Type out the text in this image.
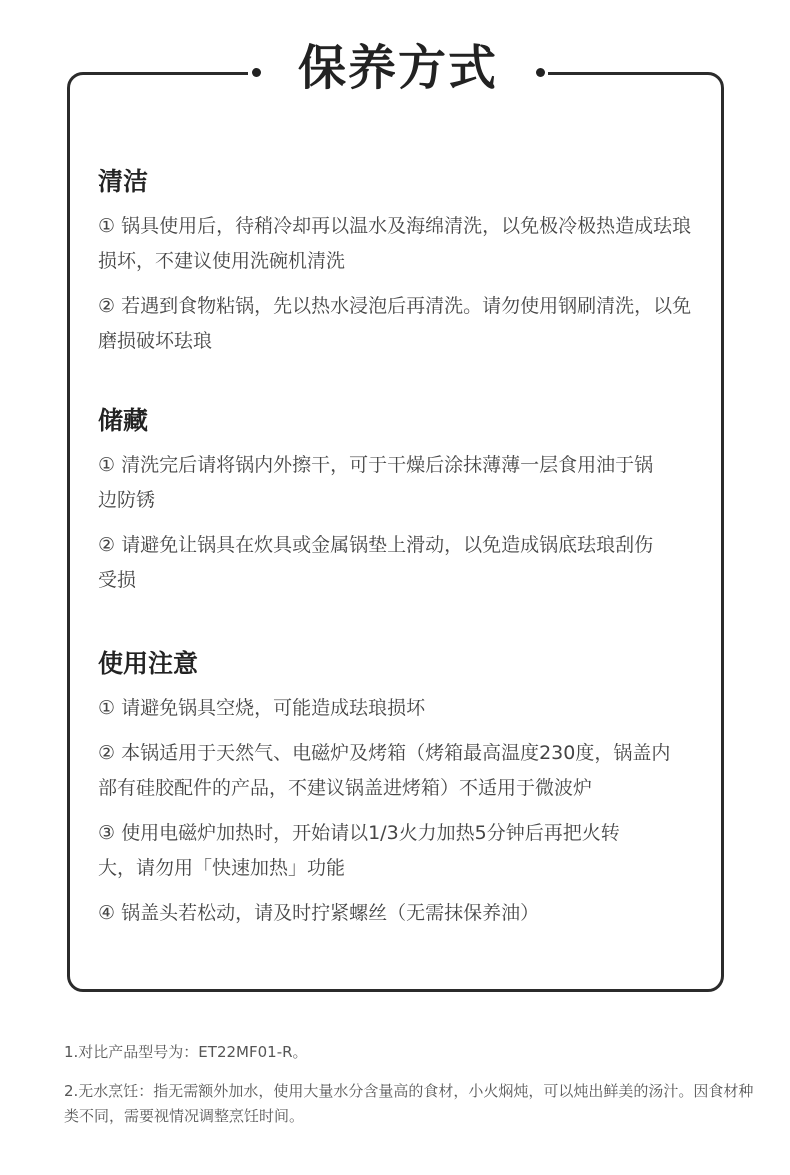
保养方式
清洁
① 锅具使用后，待稍冷却再以温水及海绵清洗，以免极冷极热造成珐琅损坏，不建议使用洗碗机清洗
② 若遇到食物粘锅，先以热水浸泡后再清洗。请勿使用钢刷清洗，以免磨损破坏珐琅
储藏
① 清洗完后请将锅内外擦干，可于干燥后涂抹薄薄一层食用油于锅边防锈
② 请避免让锅具在炊具或金属锅垫上滑动，以免造成锅底珐琅刮伤受损
使用注意
① 请避免锅具空烧，可能造成珐琅损坏
② 本锅适用于天然气、电磁炉及烤箱（烤箱最高温度230度，锅盖内部有硅胶配件的产品，不建议锅盖进烤箱）不适用于微波炉
③ 使用电磁炉加热时，开始请以1/3火力加热5分钟后再把火转大，请勿用「快速加热」功能
④ 锅盖头若松动，请及时拧紧螺丝（无需抹保养油）

1.对比产品型号为：ET22MF01-R。

2.无水烹饪：指无需额外加水，使用大量水分含量高的食材，小火焖炖，可以炖出鲜美的汤汁。因食材种类不同，需要视情况调整烹饪时间。
